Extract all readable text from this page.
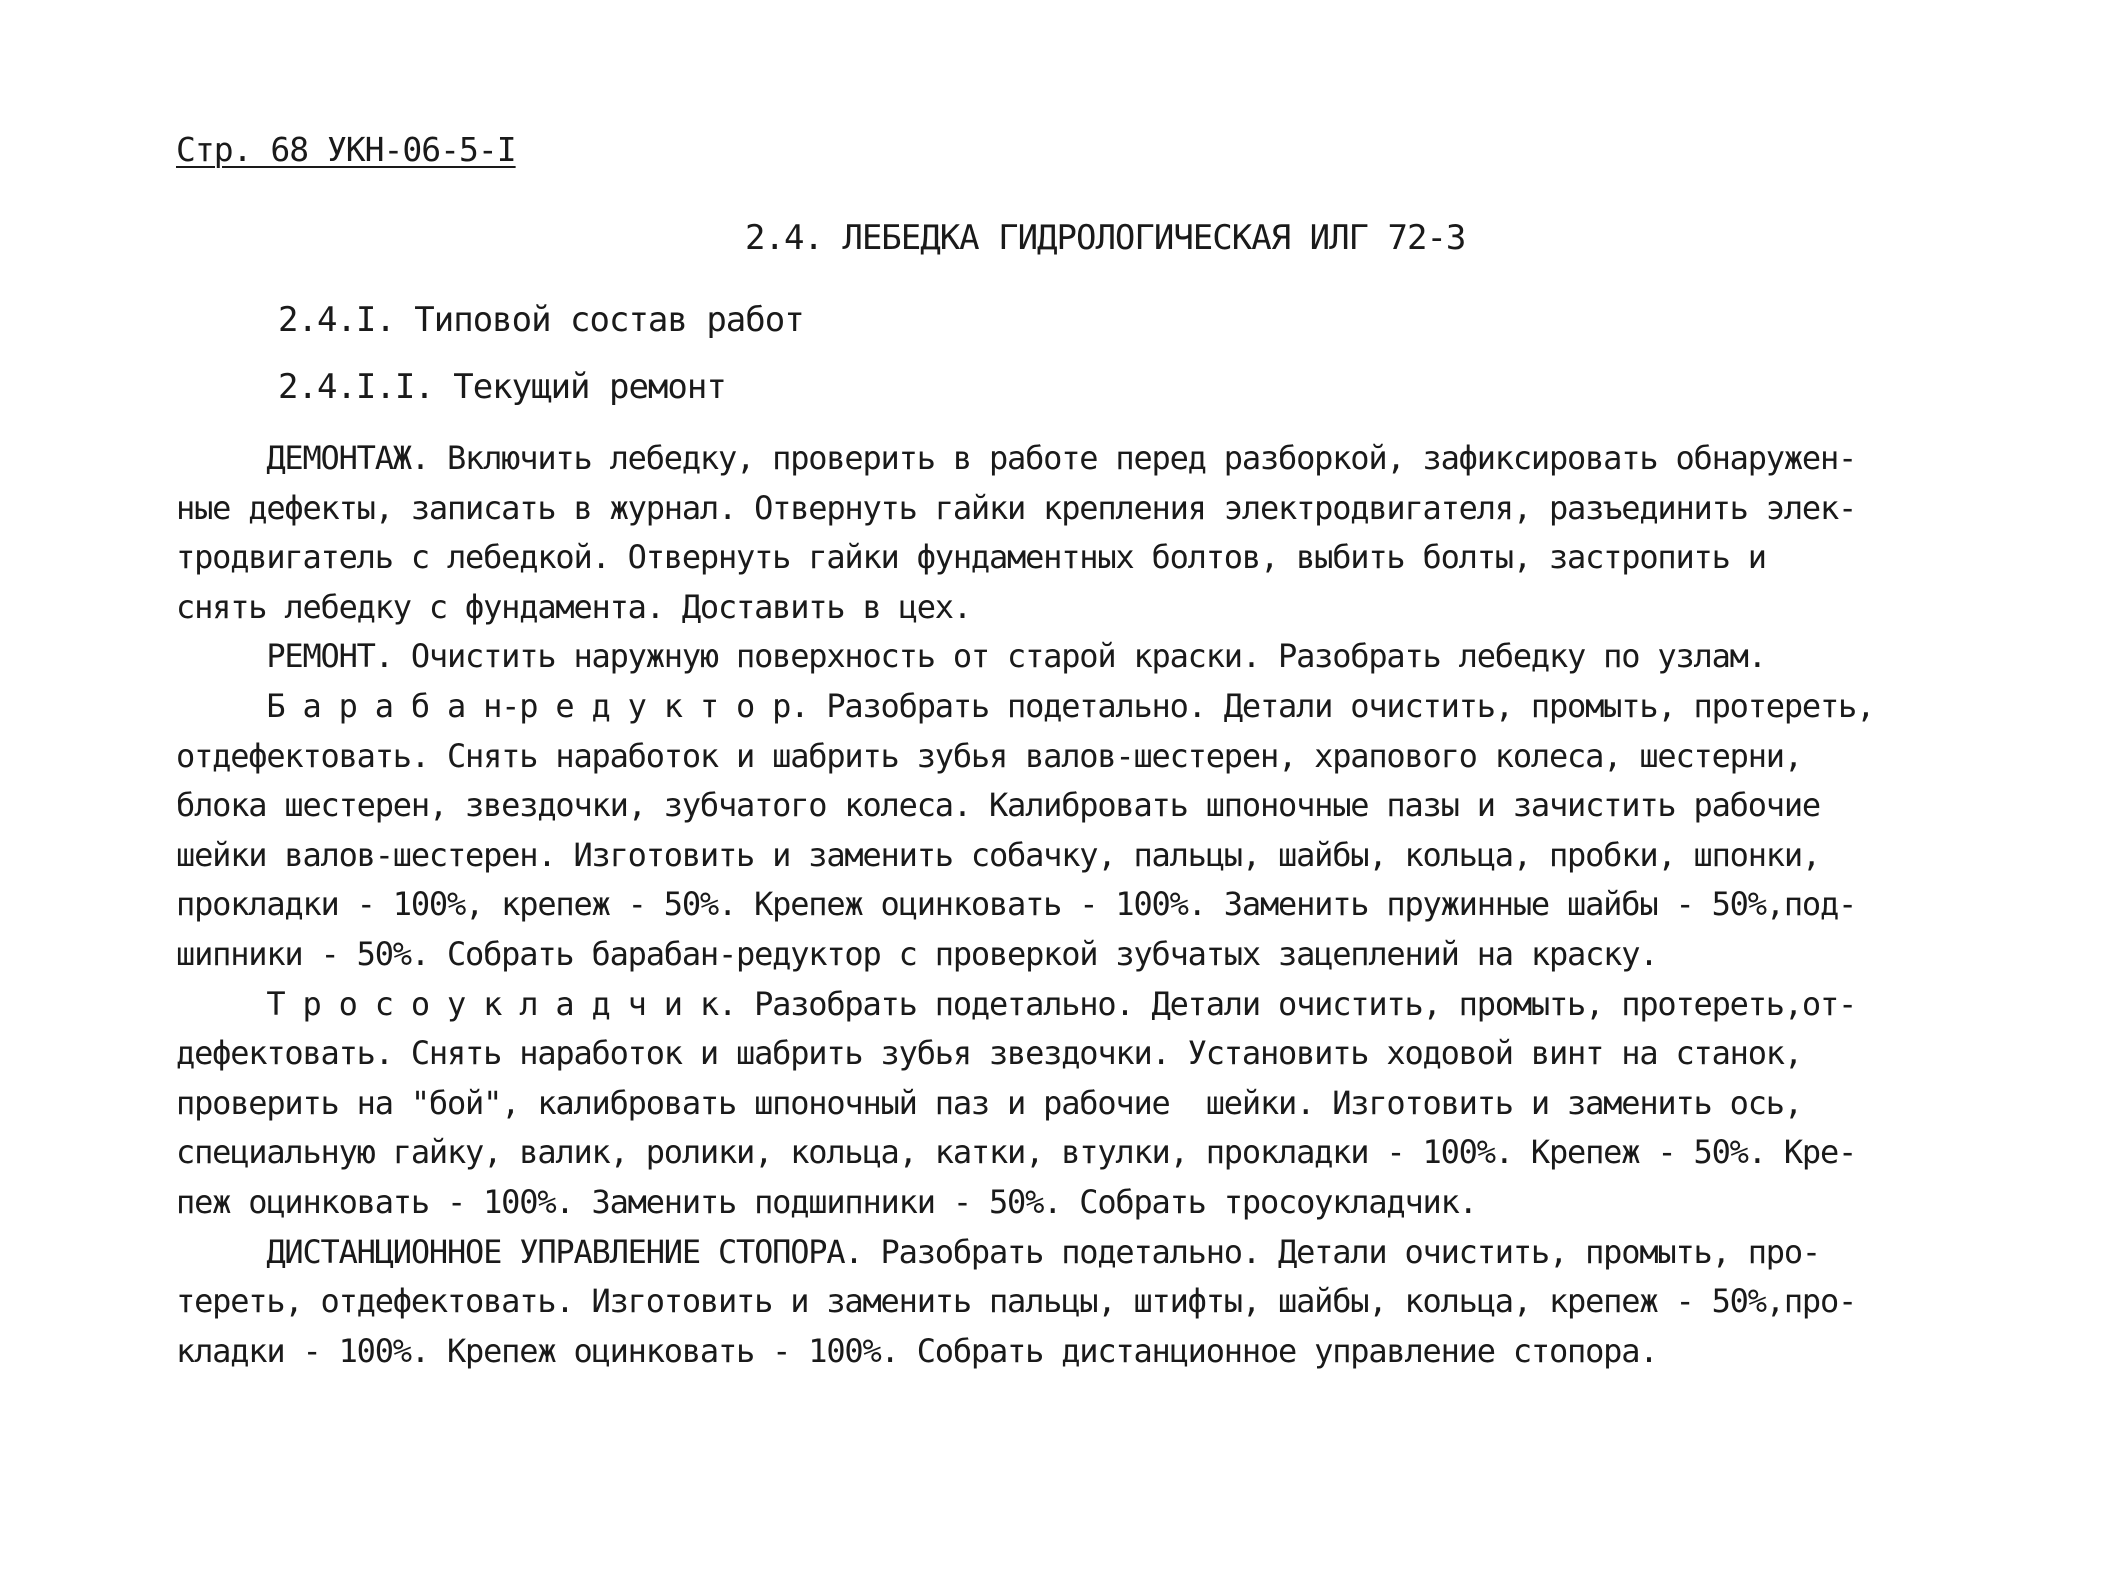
Стр. 68 УКН-06-5-I
2.4. ЛЕБЕДКА ГИДРОЛОГИЧЕСКАЯ ИЛГ 72-3
2.4.I. Типовой состав работ
2.4.I.I. Текущий ремонт
ДЕМОНТАЖ. Включить лебедку, проверить в работе перед разборкой, зафиксировать обнаружен-
ные дефекты, записать в журнал. Отвернуть гайки крепления электродвигателя, разъединить элек-
тродвигатель с лебедкой. Отвернуть гайки фундаментных болтов, выбить болты, застропить и
снять лебедку с фундамента. Доставить в цех.
РЕМОНТ. Очистить наружную поверхность от старой краски. Разобрать лебедку по узлам.
Б а р а б а н-р е д у к т о р. Разобрать подетально. Детали очистить, промыть, протереть,
отдефектовать. Снять наработок и шабрить зубья валов-шестерен, храпового колеса, шестерни,
блока шестерен, звездочки, зубчатого колеса. Калибровать шпоночные пазы и зачистить рабочие
шейки валов-шестерен. Изготовить и заменить собачку, пальцы, шайбы, кольца, пробки, шпонки,
прокладки - 100%, крепеж - 50%. Крепеж оцинковать - 100%. Заменить пружинные шайбы - 50%,под-
шипники - 50%. Собрать барабан-редуктор с проверкой зубчатых зацеплений на краску.
Т р о с о у к л а д ч и к. Разобрать подетально. Детали очистить, промыть, протереть,от-
дефектовать. Снять наработок и шабрить зубья звездочки. Установить ходовой винт на станок,
проверить на "бой", калибровать шпоночный паз и рабочие  шейки. Изготовить и заменить ось,
специальную гайку, валик, ролики, кольца, катки, втулки, прокладки - 100%. Крепеж - 50%. Кре-
пеж оцинковать - 100%. Заменить подшипники - 50%. Собрать тросоукладчик.
ДИСТАНЦИОННОЕ УПРАВЛЕНИЕ СТОПОРА. Разобрать подетально. Детали очистить, промыть, про-
тереть, отдефектовать. Изготовить и заменить пальцы, штифты, шайбы, кольца, крепеж - 50%,про-
кладки - 100%. Крепеж оцинковать - 100%. Собрать дистанционное управление стопора.
